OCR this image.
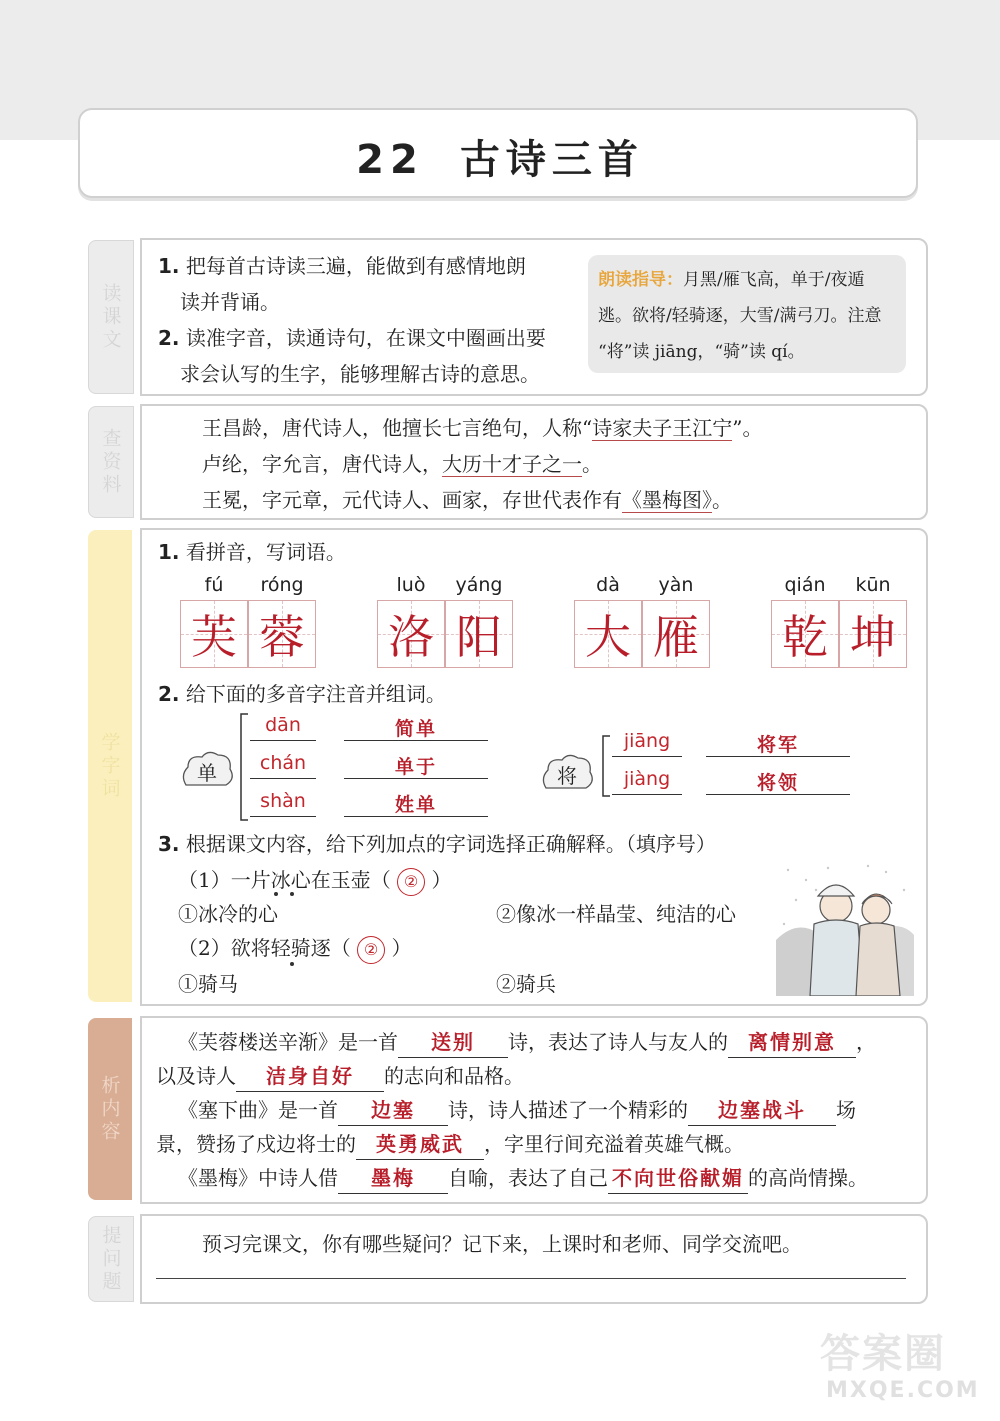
22 古诗三首
读课文
1. 把每首古诗读三遍，能做到有感情地朗
读并背诵。
2. 读准字音，读通诗句，在课文中圈画出要
求会认写的生字，能够理解古诗的意思。
朗读指导：月黑/雁飞高，单于/夜遁
逃。欲将/轻骑逐，大雪/满弓刀。注意
“将”读 jiāng，“骑”读 qí。
查资料	王昌龄，唐代诗人，他擅长七言绝句，人称“诗家夫子王江宁”。
卢纶，字允言，唐代诗人，大历十才子之一。
王冕，字元章，元代诗人、画家，存世代表作有《墨梅图》。
学字词
1. 看拼音，写词语。
fú	róng
芙 蓉
luò	yáng
洛 阳
dà	yàn
大 雁
qián	kūn
乾 坤
2. 给下面的多音字注音并组词。
单
dān	简单
chán	单于
shàn	姓单
将
jiāng	将军
jiàng	将领
3. 根据课文内容，给下列加点的字词选择正确解释。（填序号）
（1）一片冰心在玉壶（ ② ）
①冰冷的心	②像冰一样晶莹、纯洁的心
（2）欲将轻骑逐（ ② ）
①骑马	②骑兵
析内容
《芙蓉楼送辛渐》是一首 送别 诗，表达了诗人与友人的 离情别意 ，
以及诗人 洁身自好 的志向和品格。
《塞下曲》是一首 边塞 诗，诗人描述了一个精彩的 边塞战斗 场
景，赞扬了戍边将士的 英勇威武 ，字里行间充溢着英雄气概。
《墨梅》中诗人借 墨梅 自喻，表达了自己 不向世俗献媚 的高尚情操。
提问题	预习完课文，你有哪些疑问？记下来，上课时和老师、同学交流吧。
答案圈
MXQE.COM
